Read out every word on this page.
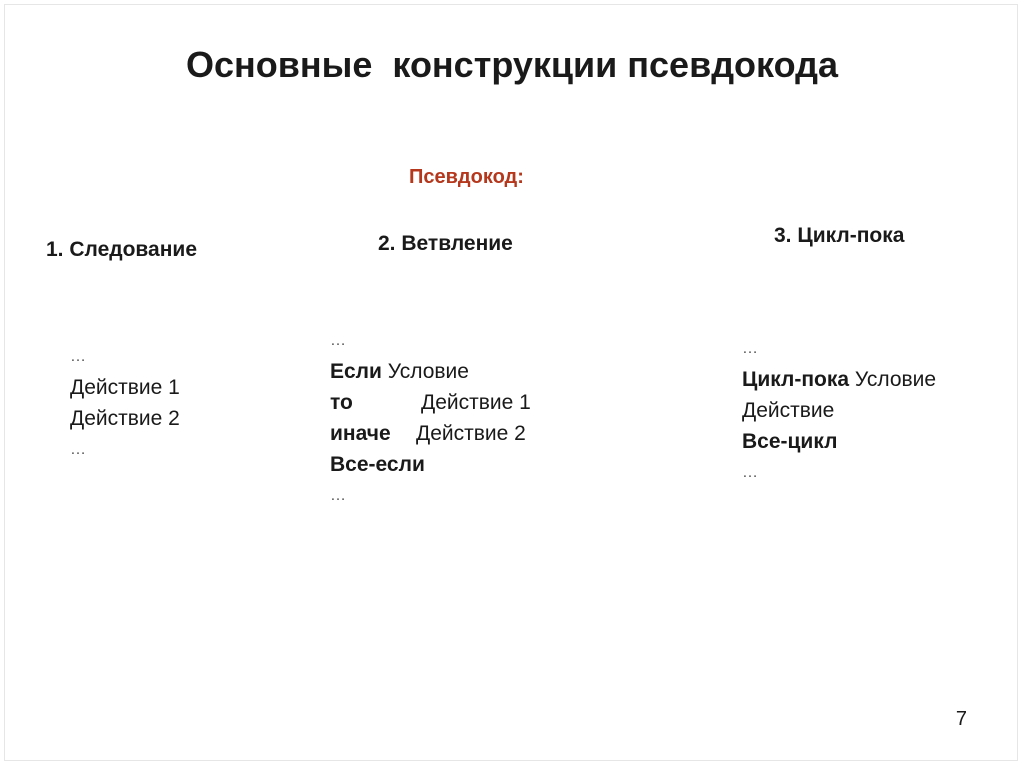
Основные  конструкции псевдокода

Псевдокод:

1. Следование

…
Действие 1
Действие 2
…

2. Ветвление

…
Если Условие
то	Действие 1
иначе Действие 2
Все-если
…

3. Цикл-пока

…
Цикл-пока Условие
Действие
Все-цикл
…

7
